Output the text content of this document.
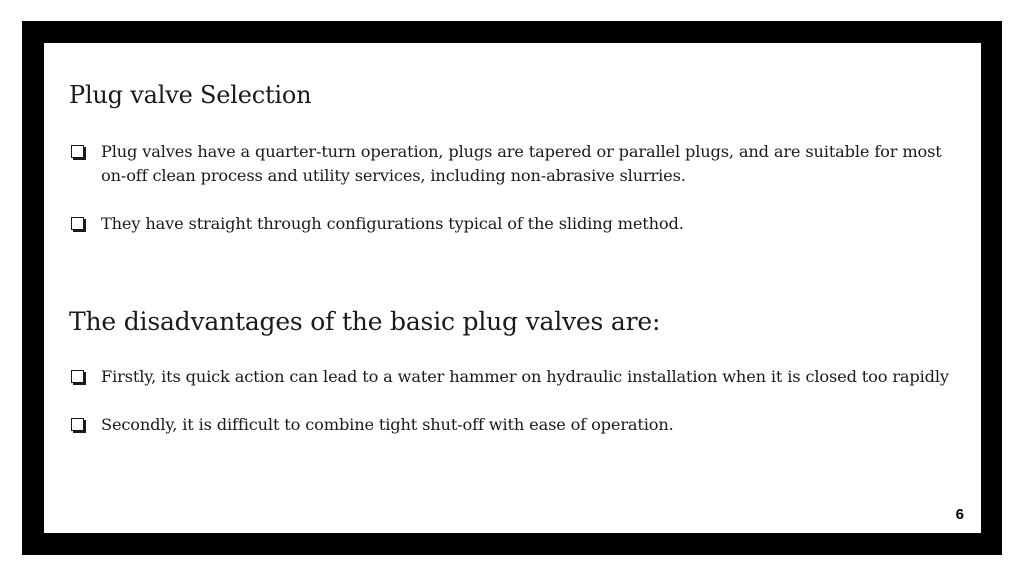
Plug valve Selection
Plug valves have a quarter-turn operation, plugs are tapered or parallel plugs, and are suitable for most on-off clean process and utility services, including non-abrasive slurries.
They have straight through configurations typical of the sliding method.
The disadvantages of the basic plug valves are:
Firstly, its quick action can lead to a water hammer on hydraulic installation when it is closed too rapidly
Secondly, it is difficult to combine tight shut-off with ease of operation.
6
